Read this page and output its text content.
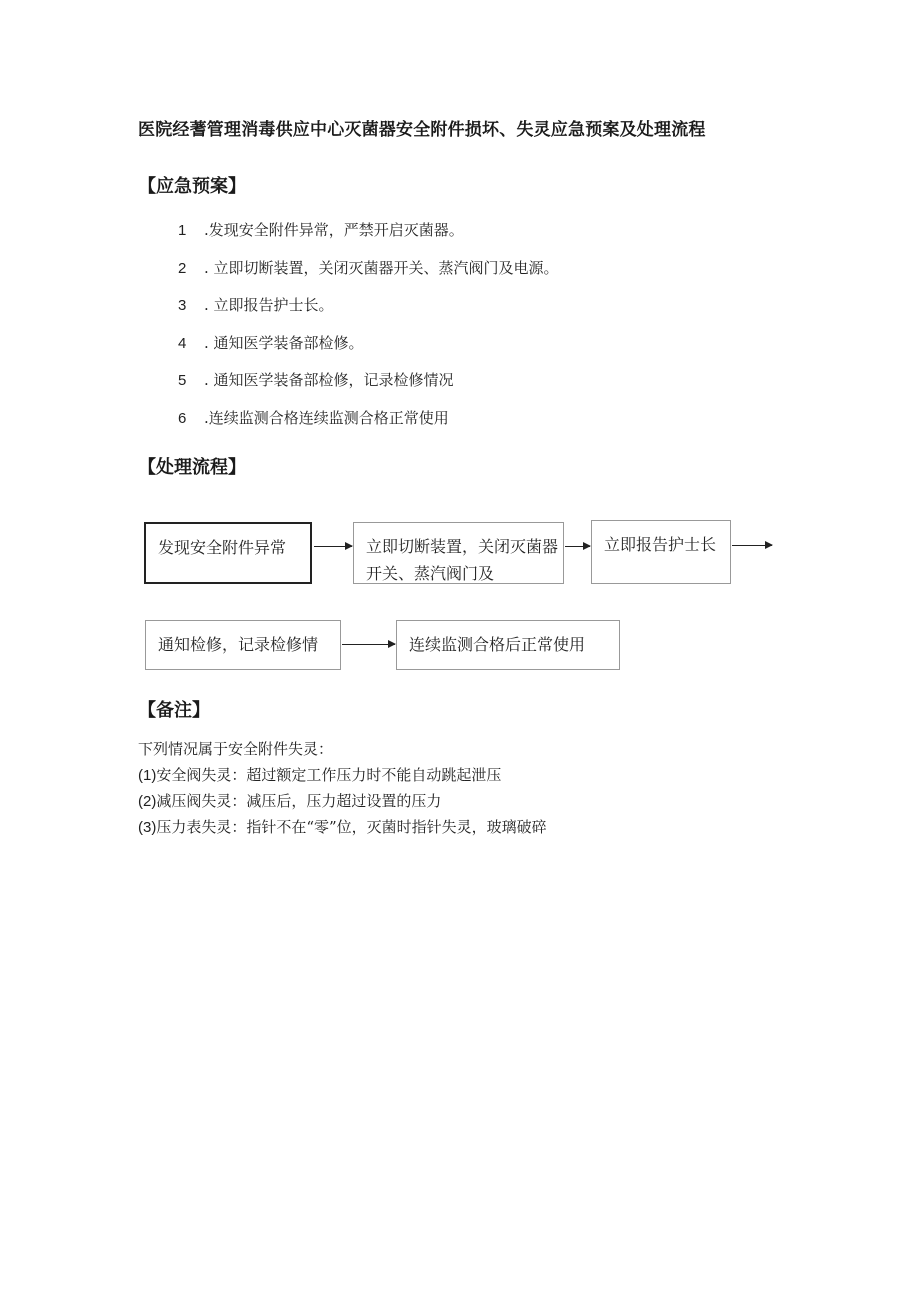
医院经蓍管理消毒供应中心灭菌器安全附件损坏、失灵应急预案及处理流程
【应急预案】
1 .发现安全附件异常，严禁开启灭菌器。
2 . 立即切断装置，关闭灭菌器开关、蒸汽阀门及电源。
3 . 立即报告护士长。
4 . 通知医学装备部检修。
5 . 通知医学装备部检修，记录检修情况
6 .连续监测合格连续监测合格正常使用
【处理流程】
发现安全附件异常	立即切断装置，关闭灭菌器开关、蒸汽阀门及
立即报告护士长
通知检修，记录检修情	连续监测合格后正常使用
【备注】
下列情况属于安全附件失灵：
(1)安全阀失灵：超过额定工作压力时不能自动跳起泄压
(2)减压阀失灵：减压后，压力超过设置的压力
(3)压力表失灵：指针不在“零”位，灭菌时指针失灵，玻璃破碎
